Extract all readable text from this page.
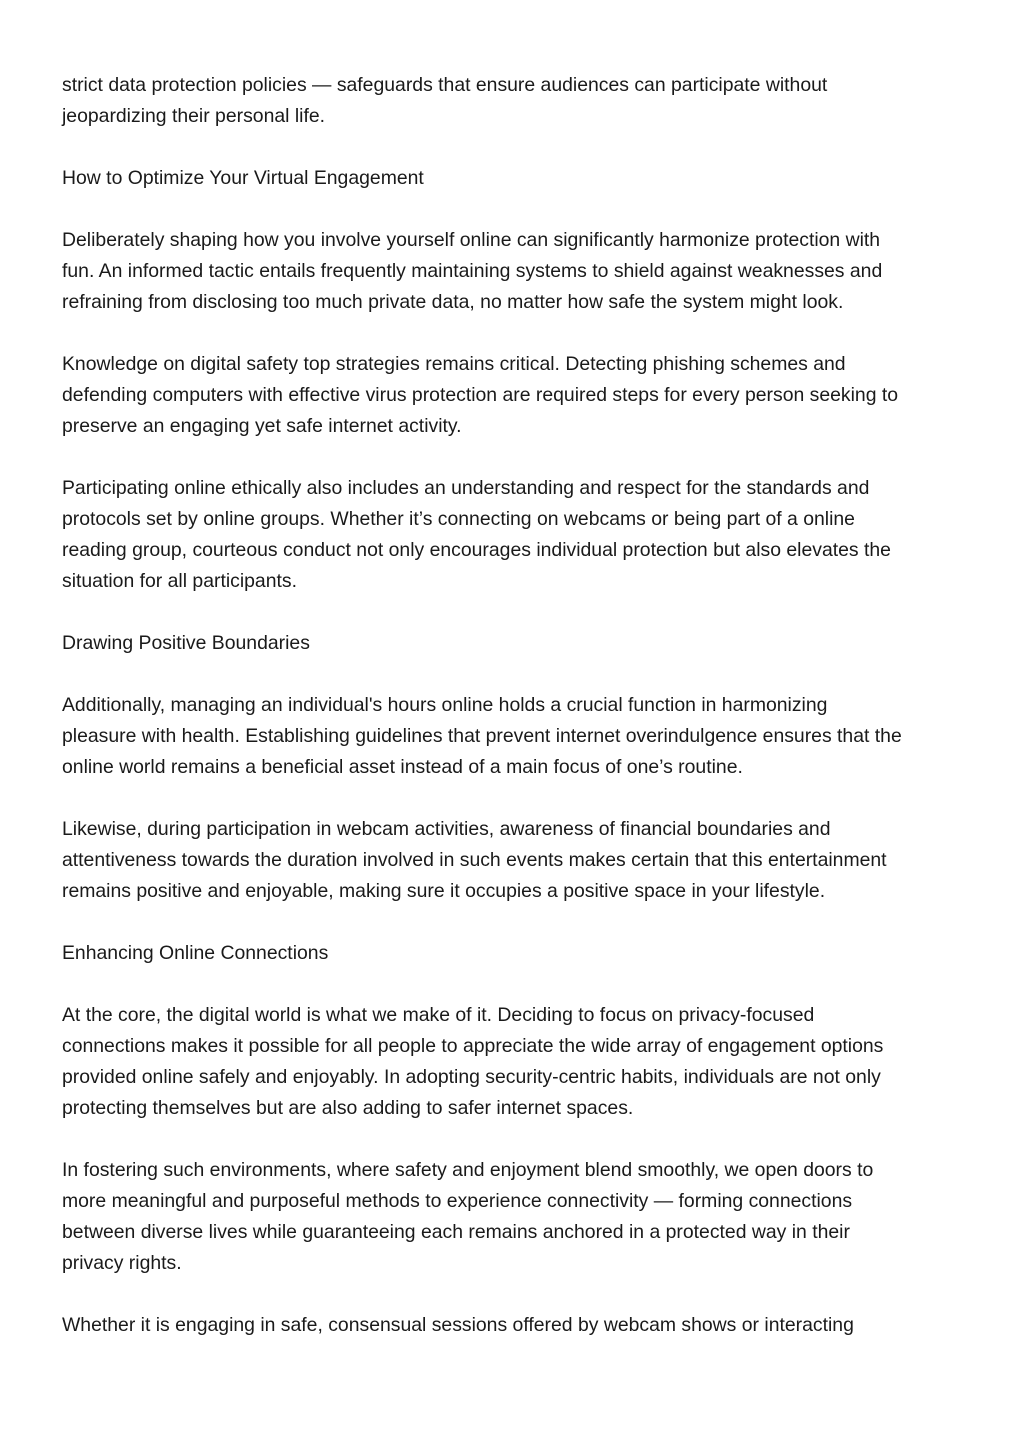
strict data protection policies — safeguards that ensure audiences can participate without
jeopardizing their personal life.
How to Optimize Your Virtual Engagement
Deliberately shaping how you involve yourself online can significantly harmonize protection with
fun. An informed tactic entails frequently maintaining systems to shield against weaknesses and
refraining from disclosing too much private data, no matter how safe the system might look.
Knowledge on digital safety top strategies remains critical. Detecting phishing schemes and
defending computers with effective virus protection are required steps for every person seeking to
preserve an engaging yet safe internet activity.
Participating online ethically also includes an understanding and respect for the standards and
protocols set by online groups. Whether it’s connecting on webcams or being part of a online
reading group, courteous conduct not only encourages individual protection but also elevates the
situation for all participants.
Drawing Positive Boundaries
Additionally, managing an individual's hours online holds a crucial function in harmonizing
pleasure with health. Establishing guidelines that prevent internet overindulgence ensures that the
online world remains a beneficial asset instead of a main focus of one’s routine.
Likewise, during participation in webcam activities, awareness of financial boundaries and
attentiveness towards the duration involved in such events makes certain that this entertainment
remains positive and enjoyable, making sure it occupies a positive space in your lifestyle.
Enhancing Online Connections
At the core, the digital world is what we make of it. Deciding to focus on privacy-focused
connections makes it possible for all people to appreciate the wide array of engagement options
provided online safely and enjoyably. In adopting security-centric habits, individuals are not only
protecting themselves but are also adding to safer internet spaces.
In fostering such environments, where safety and enjoyment blend smoothly, we open doors to
more meaningful and purposeful methods to experience connectivity — forming connections
between diverse lives while guaranteeing each remains anchored in a protected way in their
privacy rights.
Whether it is engaging in safe, consensual sessions offered by webcam shows or interacting
